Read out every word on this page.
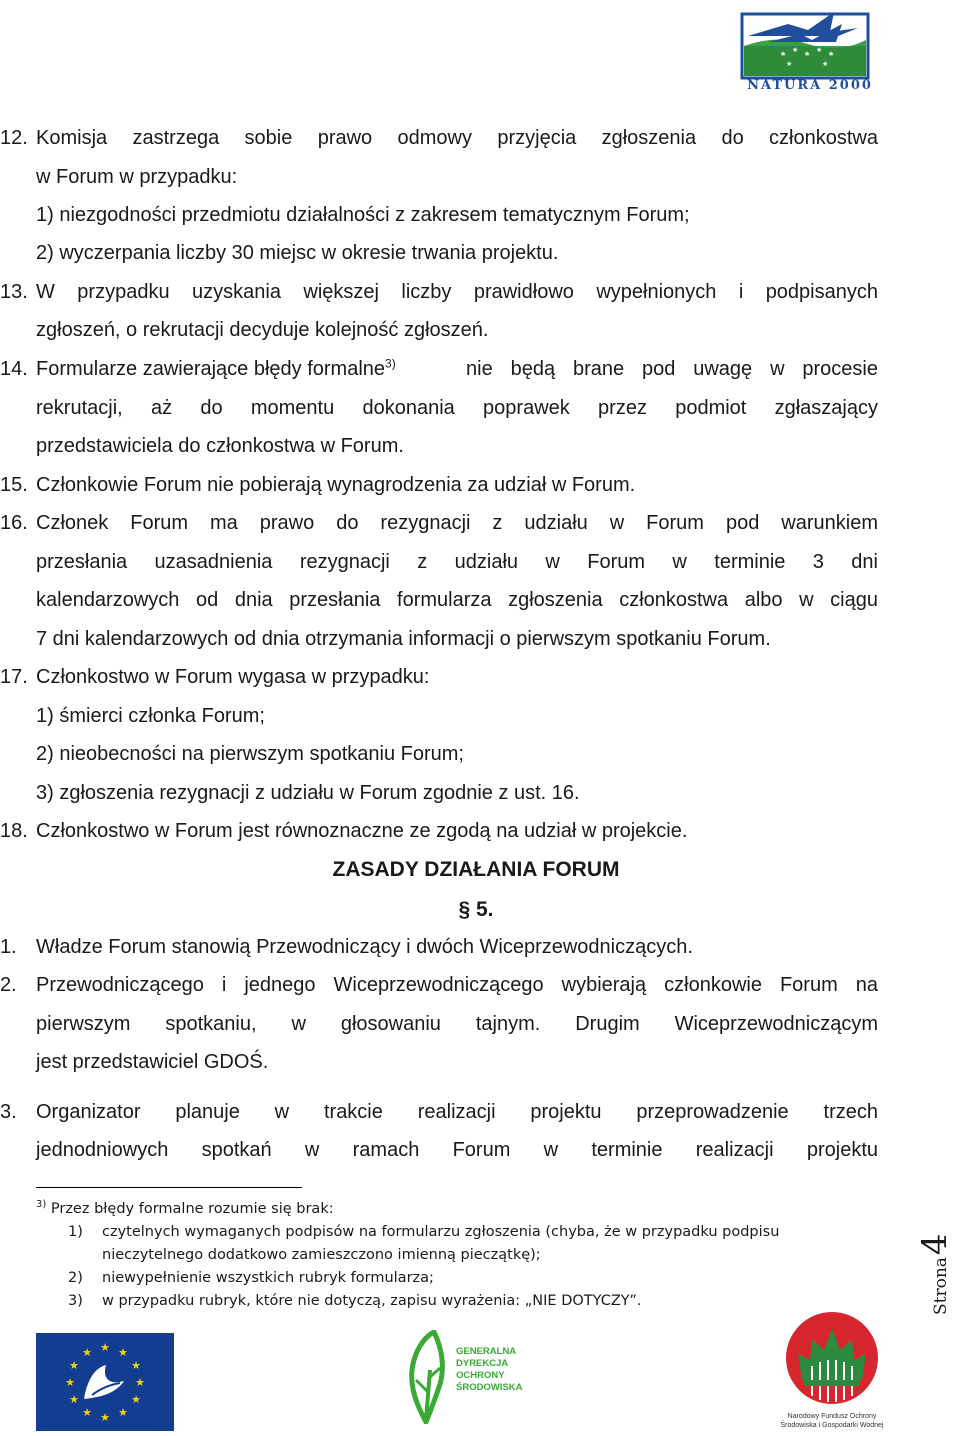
★ ★ ★ ★ ★
★	★
NATURA 2000
12. Komisja zastrzega sobie prawo odmowy przyjęcia zgłoszenia do członkostwa
w Forum w przypadku:
1) niezgodności przedmiotu działalności z zakresem tematycznym Forum;
2) wyczerpania liczby 30 miejsc w okresie trwania projektu.
13. W przypadku uzyskania większej liczby prawidłowo wypełnionych i podpisanych
zgłoszeń, o rekrutacji decyduje kolejność zgłoszeń.
14. Formularze zawierające błędy formalne$^{3)}$	nie będą brane pod uwagę w procesie
rekrutacji, aż do momentu dokonania poprawek przez podmiot zgłaszający
przedstawiciela do członkostwa w Forum.
15. Członkowie Forum nie pobierają wynagrodzenia za udział w Forum.
16. Członek Forum ma prawo do rezygnacji z udziału w Forum pod warunkiem
przesłania uzasadnienia rezygnacji z udziału w Forum w terminie 3 dni
kalendarzowych od dnia przesłania formularza zgłoszenia członkostwa albo w ciągu
7 dni kalendarzowych od dnia otrzymania informacji o pierwszym spotkaniu Forum.
17. Członkostwo w Forum wygasa w przypadku:
1) śmierci członka Forum;
2) nieobecności na pierwszym spotkaniu Forum;
3) zgłoszenia rezygnacji z udziału w Forum zgodnie z ust. 16.
18. Członkostwo w Forum jest równoznaczne ze zgodą na udział w projekcie.
ZASADY DZIAŁANIA FORUM
§ 5.
1. Władze Forum stanowią Przewodniczący i dwóch Wiceprzewodniczących.
2. Przewodniczącego i jednego Wiceprzewodniczącego wybierają członkowie Forum na
pierwszym spotkaniu, w głosowaniu tajnym. Drugim Wiceprzewodniczącym
jest przedstawiciel GDOŚ.
3. Organizator planuje w trakcie realizacji projektu przeprowadzenie trzech
jednodniowych spotkań w ramach Forum w terminie realizacji projektu
$^{3)}$ Przez błędy formalne rozumie się brak:
1) czytelnych wymaganych podpisów na formularzu zgłoszenia (chyba, że w przypadku podpisu
nieczytelnego dodatkowo zamieszczono imienną pieczątkę);
2) niewypełnienie wszystkich rubryk formularza;
3) w przypadku rubryk, które nie dotyczą, zapisu wyrażenia: „NIE DOTYCZY”.	Strona4
★ ★
★
★
★
★
★
★
★
★
★
★	GENERALNA
DYREKCJA
OCHRONY
ŚRODOWISKA
Narodowy Fundusz Ochrony
Środowiska i Gospodarki Wodnej
